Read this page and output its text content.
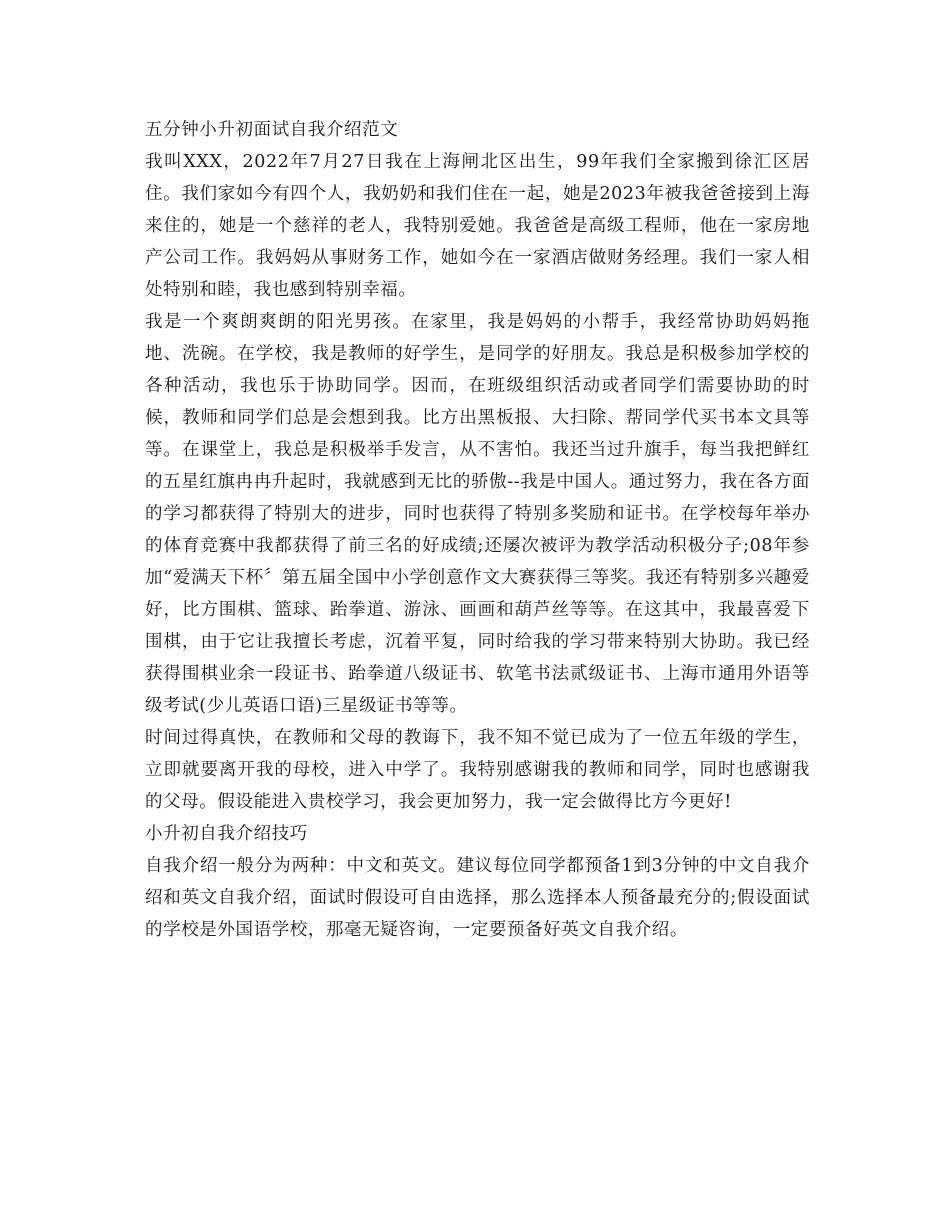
五分钟小升初面试自我介绍范文

我叫XXX，2022年7月27日我在上海闸北区出生，99年我们全家搬到徐汇区居住。我们家如今有四个人，我奶奶和我们住在一起，她是2023年被我爸爸接到上海来住的，她是一个慈祥的老人，我特别爱她。我爸爸是高级工程师，他在一家房地产公司工作。我妈妈从事财务工作，她如今在一家酒店做财务经理。我们一家人相处特别和睦，我也感到特别幸福。

我是一个爽朗爽朗的阳光男孩。在家里，我是妈妈的小帮手，我经常协助妈妈拖地、洗碗。在学校，我是教师的好学生，是同学的好朋友。我总是积极参加学校的各种活动，我也乐于协助同学。因而，在班级组织活动或者同学们需要协助的时候，教师和同学们总是会想到我。比方出黑板报、大扫除、帮同学代买书本文具等等。在课堂上，我总是积极举手发言，从不害怕。我还当过升旗手，每当我把鲜红的五星红旗冉冉升起时，我就感到无比的骄傲--我是中国人。通过努力，我在各方面的学习都获得了特别大的进步，同时也获得了特别多奖励和证书。在学校每年举办的体育竞赛中我都获得了前三名的好成绩;还屡次被评为教学活动积极分子;08年参加“爱满天下杯〞第五届全国中小学创意作文大赛获得三等奖。我还有特别多兴趣爱好，比方围棋、篮球、跆拳道、游泳、画画和葫芦丝等等。在这其中，我最喜爱下围棋，由于它让我擅长考虑，沉着平复，同时给我的学习带来特别大协助。我已经获得围棋业余一段证书、跆拳道八级证书、软笔书法贰级证书、上海市通用外语等级考试(少儿英语口语)三星级证书等等。

时间过得真快，在教师和父母的教诲下，我不知不觉已成为了一位五年级的学生，立即就要离开我的母校，进入中学了。我特别感谢我的教师和同学，同时也感谢我的父母。假设能进入贵校学习，我会更加努力，我一定会做得比方今更好!

小升初自我介绍技巧

自我介绍一般分为两种：中文和英文。建议每位同学都预备1到3分钟的中文自我介绍和英文自我介绍，面试时假设可自由选择，那么选择本人预备最充分的;假设面试的学校是外国语学校，那毫无疑咨询，一定要预备好英文自我介绍。
